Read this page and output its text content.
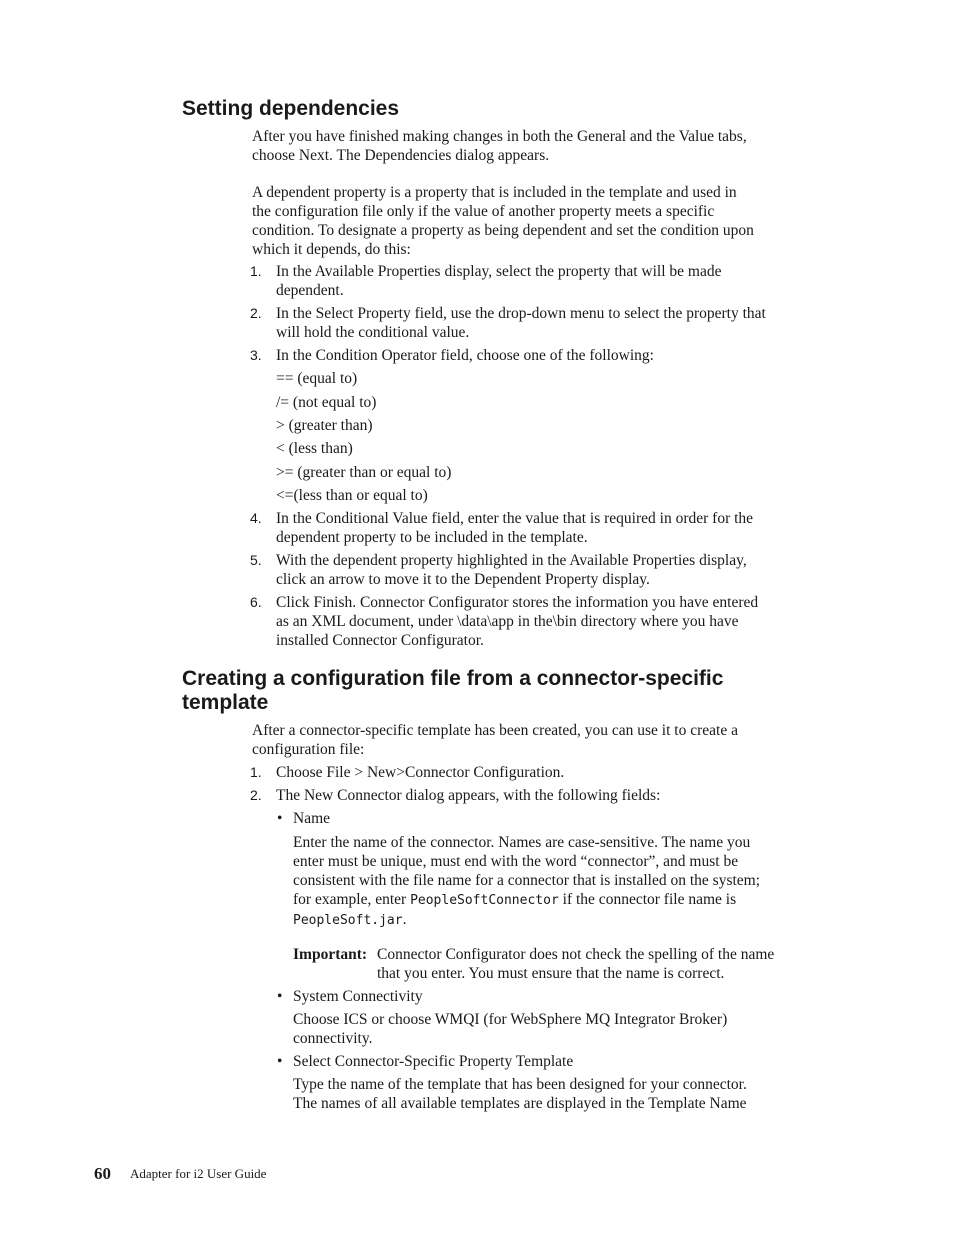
Setting dependencies

After you have finished making changes in both the General and the Value tabs,
choose Next. The Dependencies dialog appears.

A dependent property is a property that is included in the template and used in
the configuration file only if the value of another property meets a specific
condition. To designate a property as being dependent and set the condition upon
which it depends, do this:

1. In the Available Properties display, select the property that will be made
dependent.

2. In the Select Property field, use the drop-down menu to select the property that
will hold the conditional value.

3. In the Condition Operator field, choose one of the following:

== (equal to)
/= (not equal to)
> (greater than)
< (less than)
>= (greater than or equal to)
<=(less than or equal to)
4. In the Conditional Value field, enter the value that is required in order for the
dependent property to be included in the template.

5. With the dependent property highlighted in the Available Properties display,
click an arrow to move it to the Dependent Property display.

6. Click Finish. Connector Configurator stores the information you have entered
as an XML document, under \data\app in the\bin directory where you have
installed Connector Configurator.

Creating a configuration file from a connector-specific
template

After a connector-specific template has been created, you can use it to create a
configuration file:

1. Choose File > New>Connector Configuration.

2. The New Connector dialog appears, with the following fields:

• Name

Enter the name of the connector. Names are case-sensitive. The name you
enter must be unique, must end with the word “connector”, and must be
consistent with the file name for a connector that is installed on the system;
for example, enter PeopleSoftConnector if the connector file name is
PeopleSoft.jar.

Important: Connector Configurator does not check the spelling of the name
that you enter. You must ensure that the name is correct.

• System Connectivity

Choose ICS or choose WMQI (for WebSphere MQ Integrator Broker)
connectivity.

• Select Connector-Specific Property Template

Type the name of the template that has been designed for your connector.
The names of all available templates are displayed in the Template Name

60 Adapter for i2 User Guide
